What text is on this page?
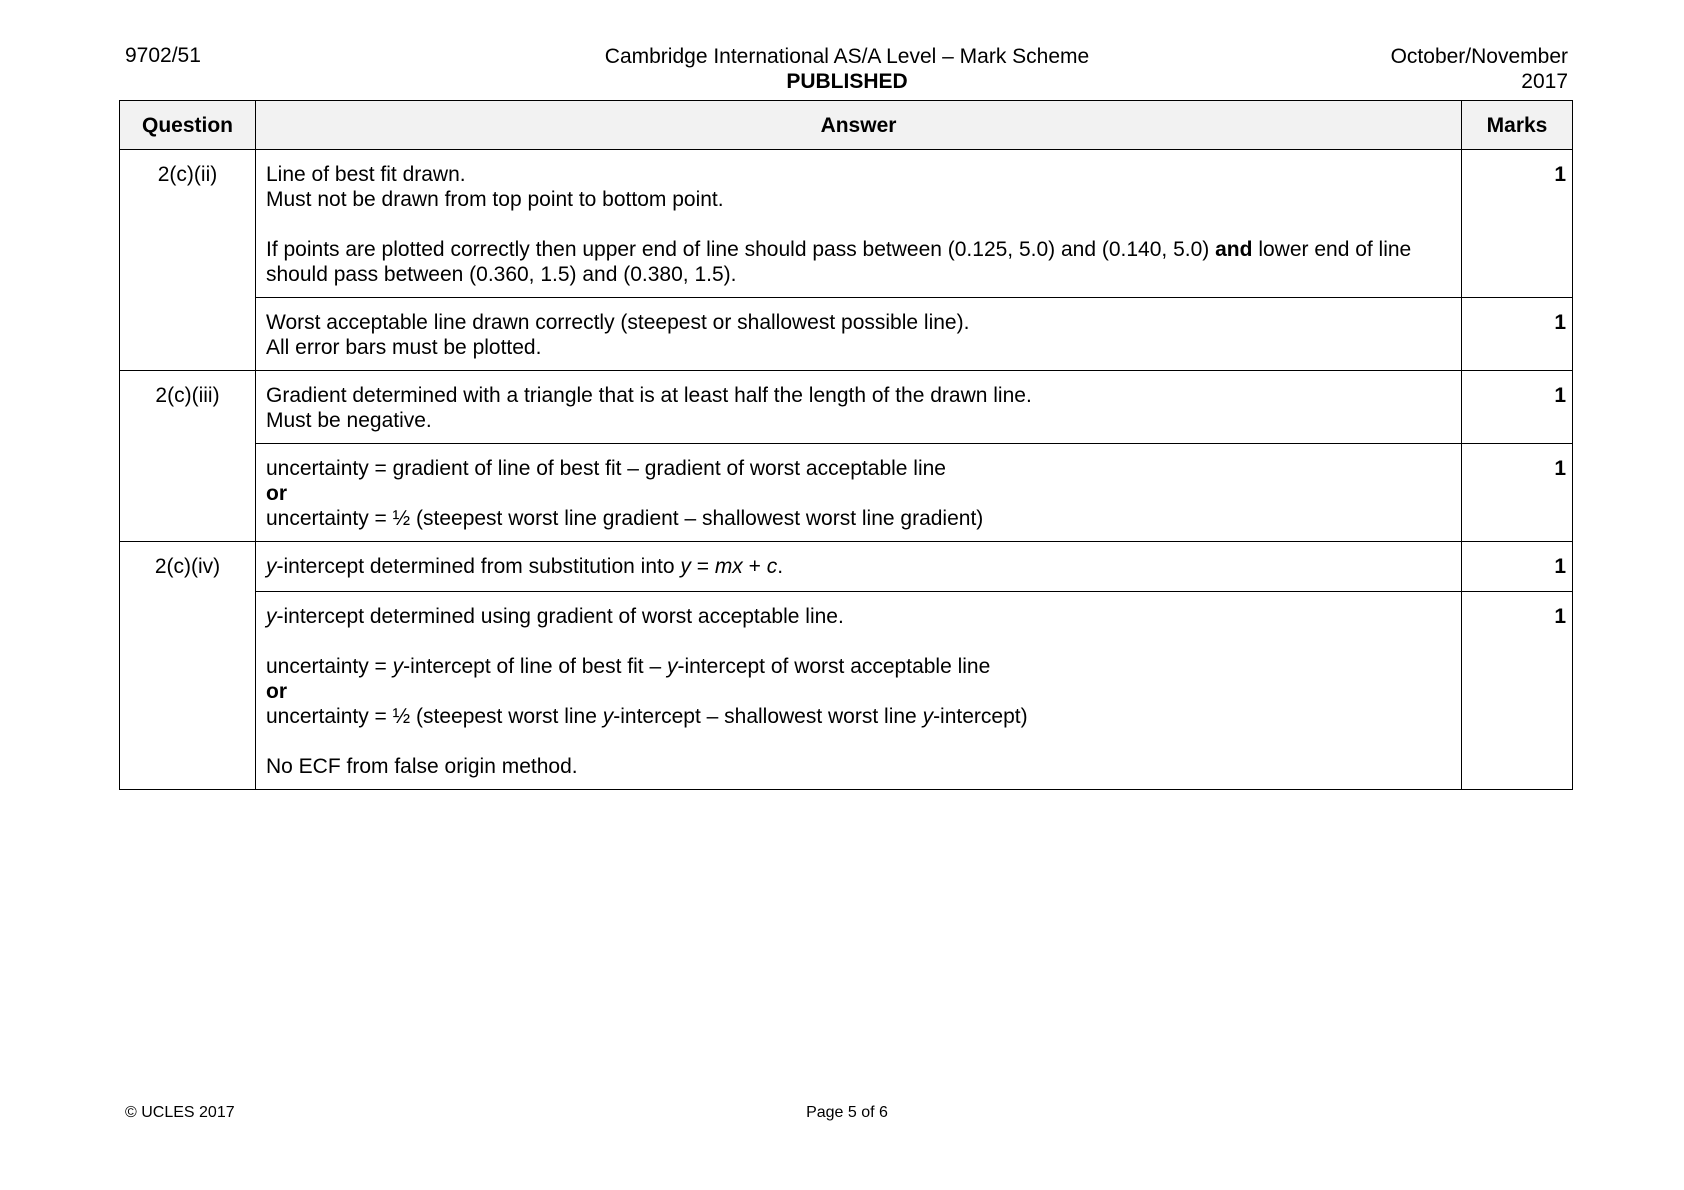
9702/51	Cambridge International AS/A Level – Mark Scheme
PUBLISHED
October/November
2017
Question	Answer	Marks
2(c)(ii)	Line of best fit drawn.
Must not be drawn from top point to bottom point.
If points are plotted correctly then upper end of line should pass between (0.125, 5.0) and (0.140, 5.0) and lower end of line should pass between (0.360, 1.5) and (0.380, 1.5).	1

	Worst acceptable line drawn correctly (steepest or shallowest possible line).
All error bars must be plotted.	1
2(c)(iii)	Gradient determined with a triangle that is at least half the length of the drawn line.
Must be negative.	1

	uncertainty = gradient of line of best fit – gradient of worst acceptable line
or
uncertainty = ½ (steepest worst line gradient – shallowest worst line gradient)	1
2(c)(iv)	y-intercept determined from substitution into y = mx + c.	1

	y-intercept determined using gradient of worst acceptable line.
uncertainty = y-intercept of line of best fit – y-intercept of worst acceptable line
or
uncertainty = ½ (steepest worst line y-intercept – shallowest worst line y-intercept)
No ECF from false origin method.	1
© UCLES 2017	Page 5 of 6
